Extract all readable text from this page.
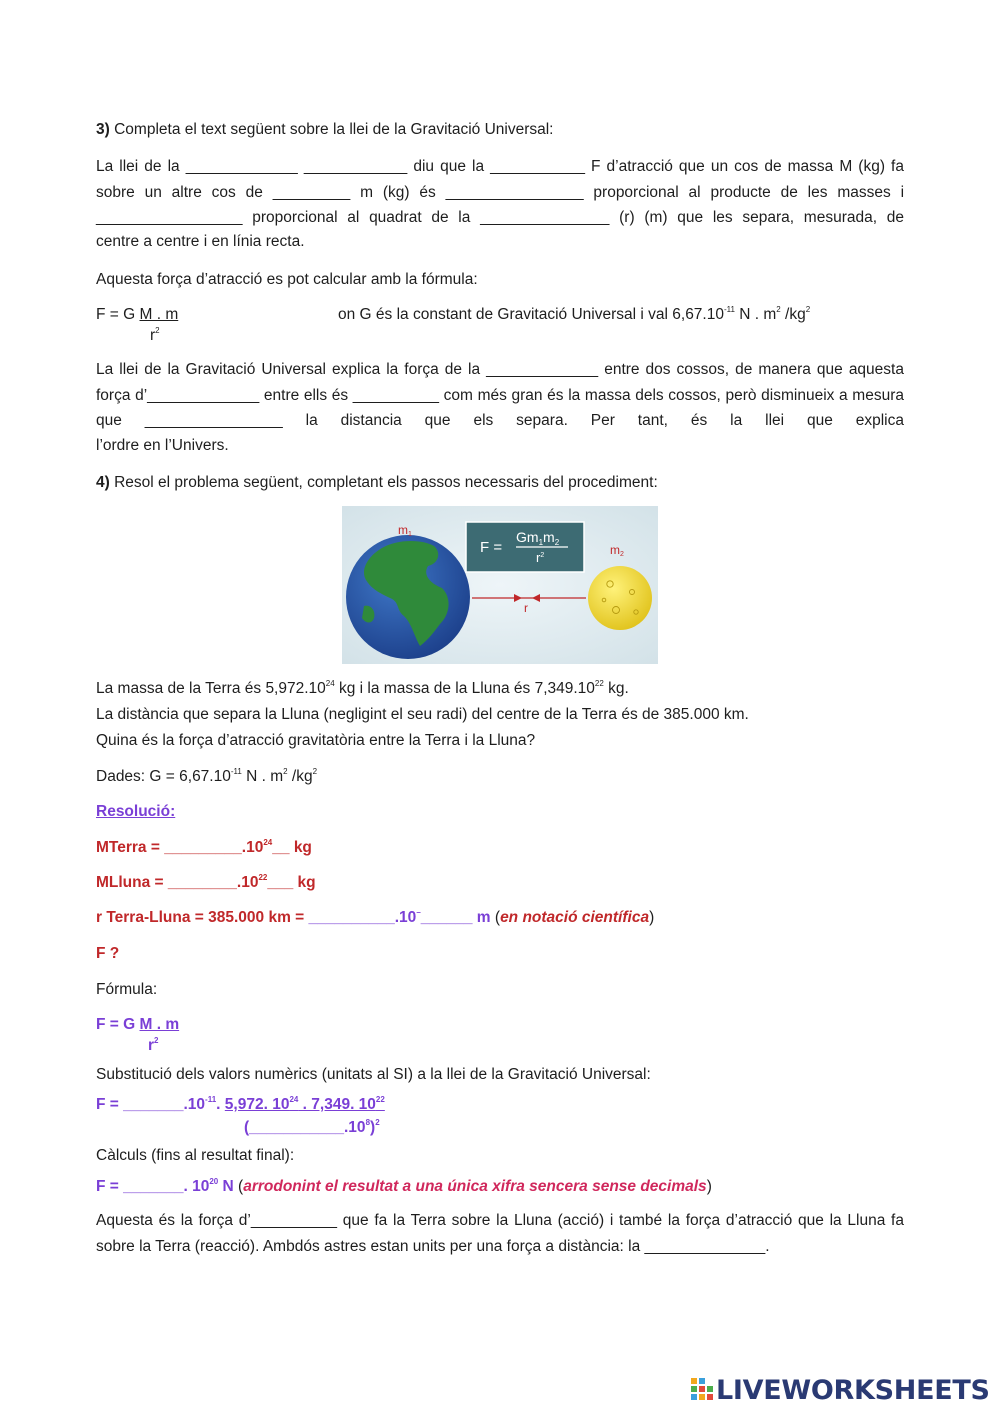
3) Completa el text següent sobre la llei de la Gravitació Universal:
La llei de la _____________ ____________ diu que la ___________ F d’atracció que un cos de massa M (kg) fa sobre un altre cos de _________ m (kg) és ________________ proporcional al producte de les masses i _________________ proporcional al quadrat de la _______________ (r) (m) que les separa, mesurada, de
centre a centre i en línia recta.
Aquesta força d’atracció es pot calcular amb la fórmula:
F = G M . m
$r^2$
on G és la constant de Gravitació Universal i val $6,67.10^{-11}$ N . $m^2$ $/kg^2$
La llei de la Gravitació Universal explica la força de la _____________ entre dos cossos, de manera que aquesta força d’_____________ entre ells és __________ com més gran és la massa dels cossos, però disminueix a mesura que ________________ la distancia que els separa. Per tant, és la llei que explica
l’ordre en l’Univers.
4) Resol el problema següent, completant els passos necessaris del procediment:
m1
m2
F =
$Gm_1m_2$
$r^2$
r
La massa de la Terra és 5,972.10$^{24}$ kg i la massa de la Lluna és 7,349.10$^{22}$ kg.
La distància que separa la Lluna (negligint el seu radi) del centre de la Terra és de 385.000 km.
Quina és la força d’atracció gravitatòria entre la Terra i la Lluna?
Dades: $G = 6,67.10^{-11}$ N . $m^2$ $/kg^2$
Resolució:
MTerra = $\_\_\_\_\_\_\_\_\_.10^{24}\_\_$ kg
MLluna = $\_\_\_\_\_\_\_\_.10^{22}\_\_\_$ kg
r Terra-Lluna = 385.000 km = __________.10–______ m (en notació científica)
F ?
Fórmula:
F = G M . m
$r^2$
Substitució dels valors numèrics (unitats al SI) a la llei de la Gravitació Universal:
$F = \_\_\_\_\_\_\_.10^{-11}$. 5,972. $10^{24}$ . 7,349. $10^{22}$
$(\_\_\_\_\_\_\_\_\_\_\_.10^8)^2$
Càlculs (fins al resultat final):
F = _______. $10^{20}$ N (arrodonint el resultat a una única xifra sencera sense decimals)
Aquesta és la força d’__________ que fa la Terra sobre la Lluna (acció) i també la força d’atracció que la Lluna fa sobre la Terra (reacció). Ambdós astres estan units per una força a distància: la ______________.
LIVEWORKSHEETS
